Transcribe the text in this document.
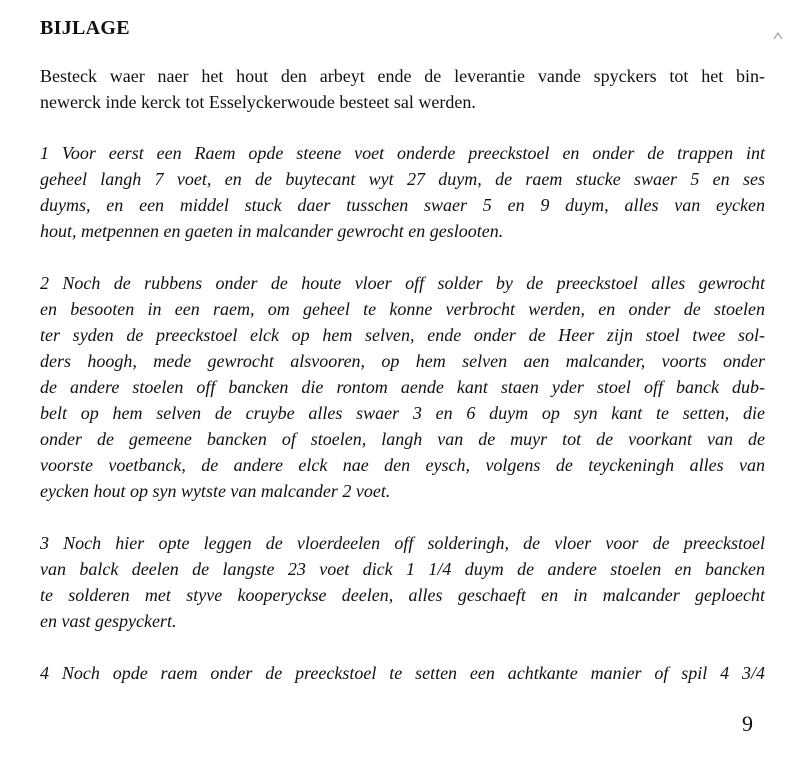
BIJLAGE
Besteck waer naer het hout den arbeyt ende de leverantie vande spyckers tot het bin-
newerck inde kerck tot Esselyckerwoude besteet sal werden.
1 Voor eerst een Raem opde steene voet onderde preeckstoel en onder de trappen int
geheel langh 7 voet, en de buytecant wyt 27 duym, de raem stucke swaer 5 en ses
duyms, en een middel stuck daer tusschen swaer 5 en 9 duym, alles van eycken
hout, metpennen en gaeten in malcander gewrocht en geslooten.
2 Noch de rubbens onder de houte vloer off solder by de preeckstoel alles gewrocht
en besooten in een raem, om geheel te konne verbrocht werden, en onder de stoelen
ter syden de preeckstoel elck op hem selven, ende onder de Heer zijn stoel twee sol-
ders hoogh, mede gewrocht alsvooren, op hem selven aen malcander, voorts onder
de andere stoelen off bancken die rontom aende kant staen yder stoel off banck dub-
belt op hem selven de cruybe alles swaer 3 en 6 duym op syn kant te setten, die
onder de gemeene bancken of stoelen, langh van de muyr tot de voorkant van de
voorste voetbanck, de andere elck nae den eysch, volgens de teyckeningh alles van
eycken hout op syn wytste van malcander 2 voet.
3 Noch hier opte leggen de vloerdeelen off solderingh, de vloer voor de preeckstoel
van balck deelen de langste 23 voet dick 1 1/4 duym de andere stoelen en bancken
te solderen met styve kooperyckse deelen, alles geschaeft en in malcander geploecht
en vast gespyckert.
4 Noch opde raem onder de preeckstoel te setten een achtkante manier of spil 4 3/4
9
